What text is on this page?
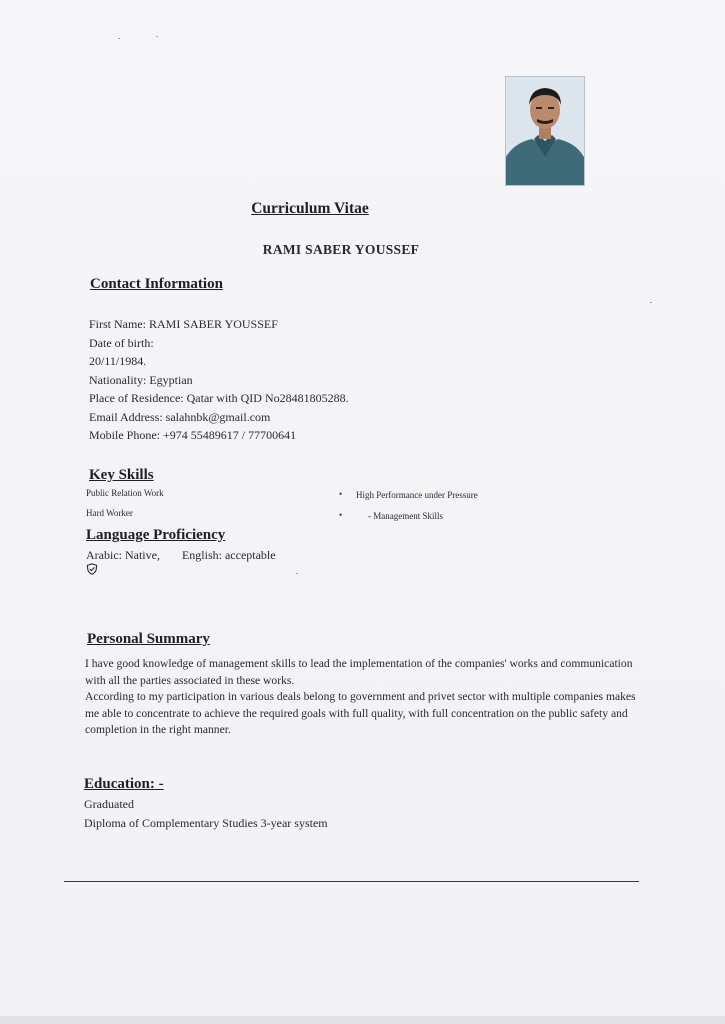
Curriculum Vitae
RAMI SABER YOUSSEF
Contact Information
First Name: RAMI SABER YOUSSEF
Date of birth:
20/11/1984.
Nationality: Egyptian
Place of Residence: Qatar with QID No28481805288.
Email Address: salahnbk@gmail.com
Mobile Phone: +974 55489617 / 77700641
Key Skills
Public Relation Work
Hard Worker
•
•
High Performance under Pressure
- Management Skills
Language Proficiency
Arabic: Native, English: acceptable
Personal Summary

I have good knowledge of management skills to lead the implementation of the companies' works and communication with all the parties associated in these works.

According to my participation in various deals belong to government and privet sector with multiple companies makes me able to concentrate to achieve the required goals with full quality, with full concentration on the public safety and completion in the right manner.

Education: -
Graduated
Diploma of Complementary Studies 3-year system
